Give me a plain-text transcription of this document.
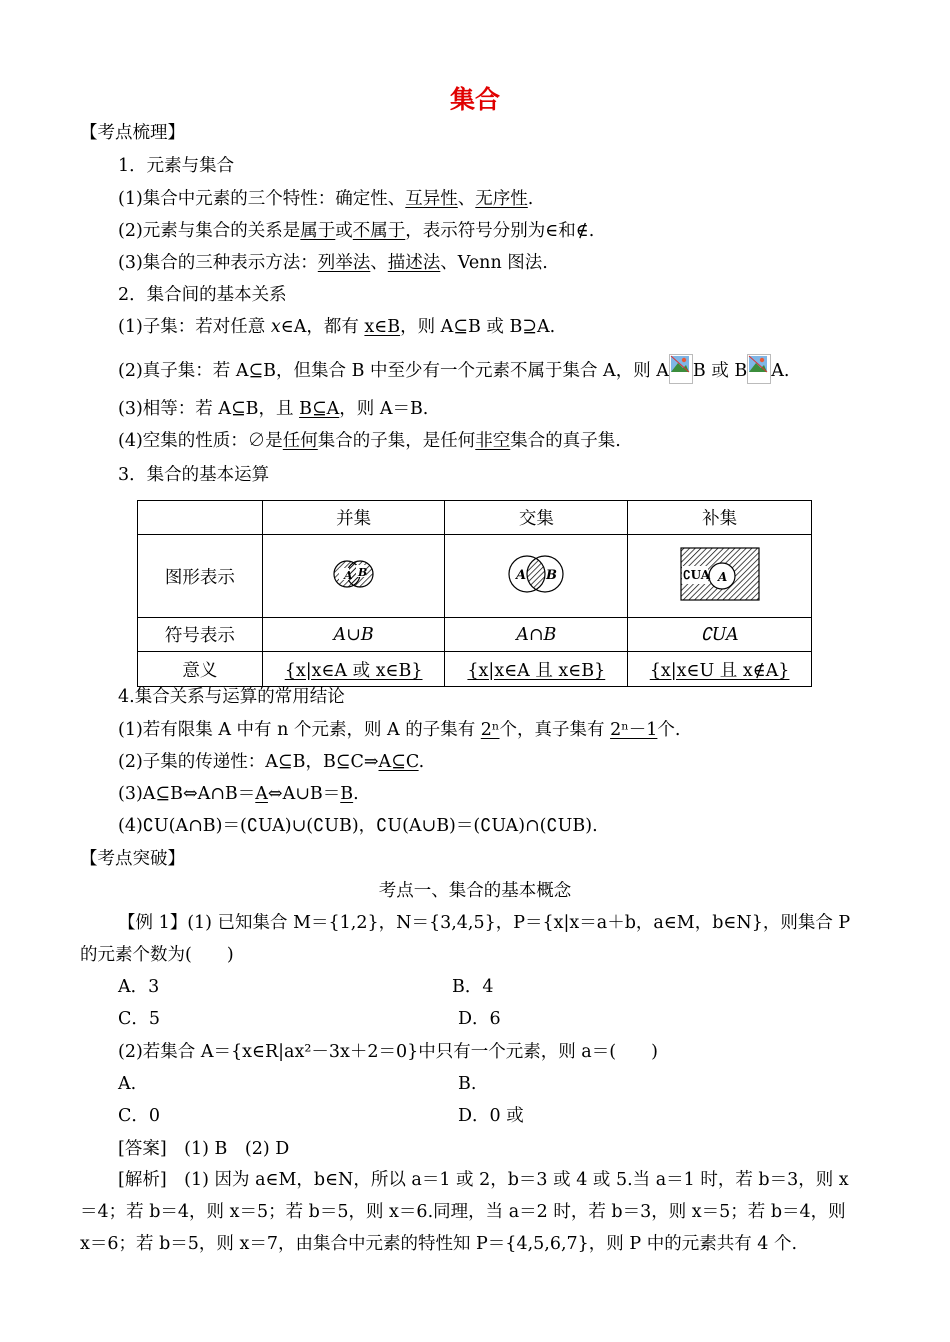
集合
【考点梳理】
1．元素与集合
(1)集合中元素的三个特性：确定性、互异性、无序性.
(2)元素与集合的关系是属于或不属于，表示符号分别为∈和∉.
(3)集合的三种表示方法：列举法、描述法、Venn 图法.
2．集合间的基本关系
(1)子集：若对任意 x∈A，都有 x∈B，则 A⊆B 或 B⊇A.
(2)真子集：若 A⊆B，但集合 B 中至少有一个元素不属于集合 A，则 A B 或 B A.
(3)相等：若 A⊆B，且 B⊆A，则 A＝B.
(4)空集的性质：∅是任何集合的子集，是任何非空集合的真子集.
3．集合的基本运算
	并集	交集	补集
图形表示	A B	A B	∁UA A

符号表示	A∪B	A∩B	∁UA
意义	{x|x∈A 或 x∈B}	{x|x∈A 且 x∈B}	{x|x∈U 且 x∉A}
4.集合关系与运算的常用结论
(1)若有限集 A 中有 n 个元素，则 A 的子集有 2ⁿ个，真子集有 2ⁿ－1个.
(2)子集的传递性：A⊆B，B⊆C⇒A⊆C.
(3)A⊆B⇔A∩B＝A⇔A∪B＝B.
(4)∁U(A∩B)＝(∁UA)∪(∁UB)，∁U(A∪B)＝(∁UA)∩(∁UB).
【考点突破】
考点一、集合的基本概念
【例 1】(1) 已知集合 M＝{1,2}，N＝{3,4,5}，P＝{x|x＝a＋b，a∈M，b∈N}，则集合 P
的元素个数为(　　)
A．3	B．4
C．5	D．6
(2)若集合 A＝{x∈R|ax²－3x＋2＝0}中只有一个元素，则 a＝(　　)
A.	B.
C．0	D．0 或
[答案]　(1) B　(2) D
[解析]　(1) 因为 a∈M，b∈N，所以 a＝1 或 2，b＝3 或 4 或 5.当 a＝1 时，若 b＝3，则 x
＝4；若 b＝4，则 x＝5；若 b＝5，则 x＝6.同理，当 a＝2 时，若 b＝3，则 x＝5；若 b＝4，则
x＝6；若 b＝5，则 x＝7，由集合中元素的特性知 P＝{4,5,6,7}，则 P 中的元素共有 4 个.
